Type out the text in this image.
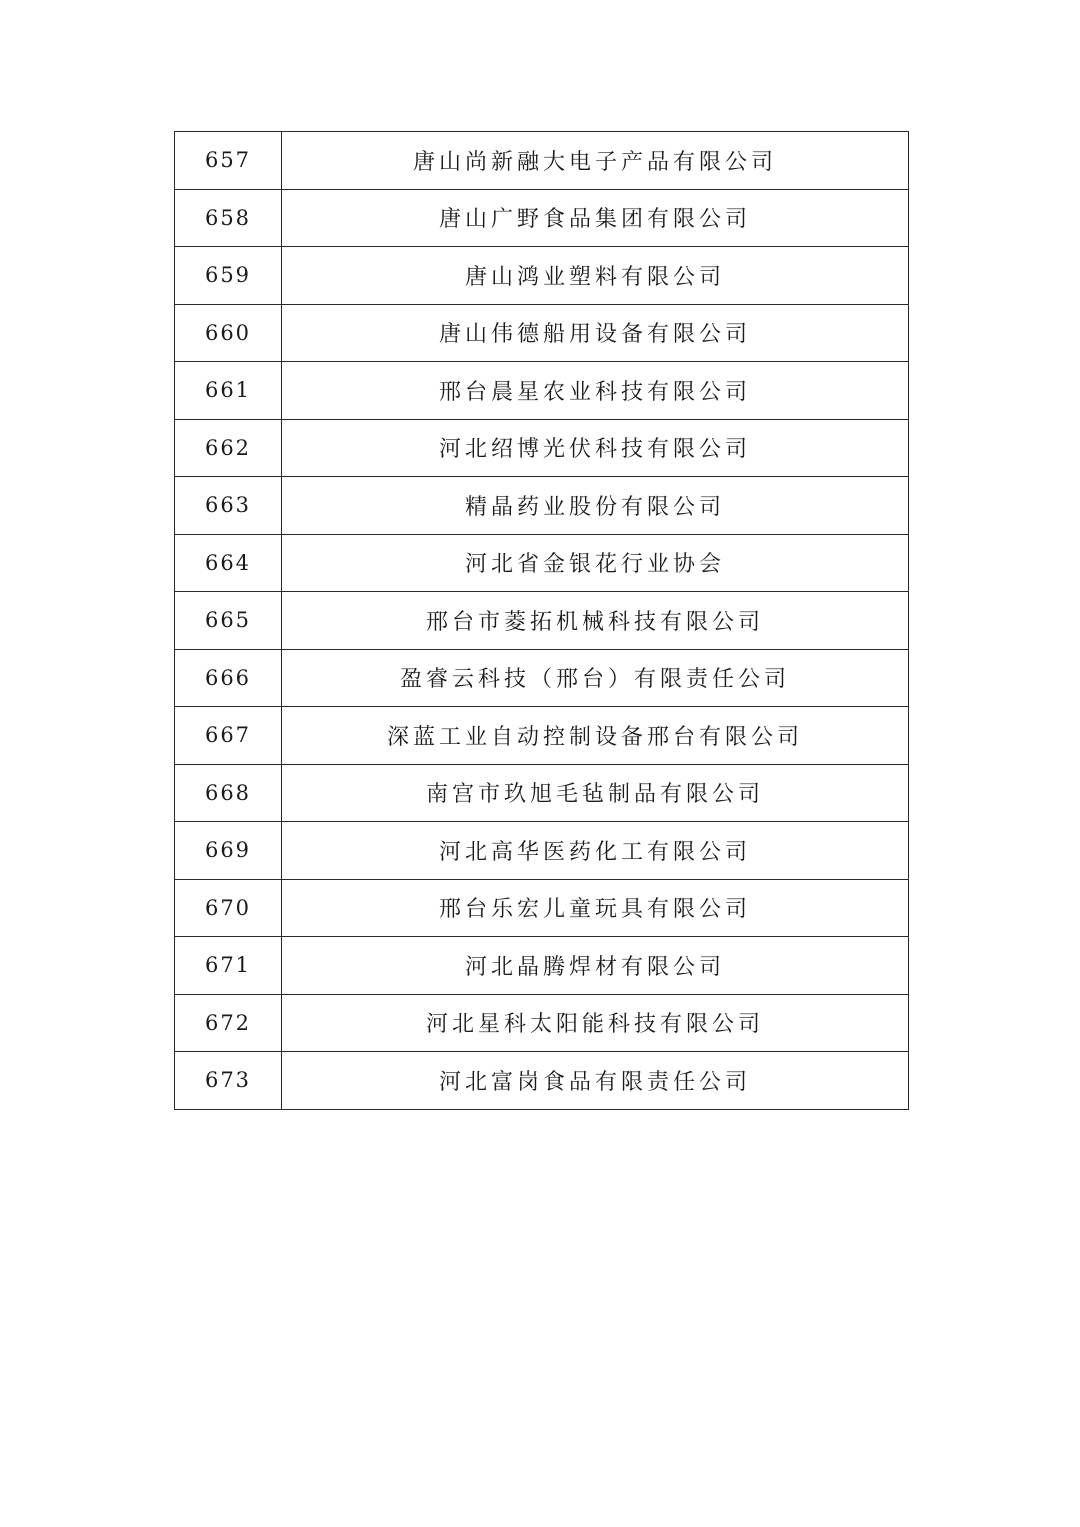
657	唐山尚新融大电子产品有限公司
658	唐山广野食品集团有限公司
659	唐山鸿业塑料有限公司
660	唐山伟德船用设备有限公司
661	邢台晨星农业科技有限公司
662	河北绍博光伏科技有限公司
663	精晶药业股份有限公司
664	河北省金银花行业协会
665	邢台市菱拓机械科技有限公司
666	盈睿云科技（邢台）有限责任公司
667	深蓝工业自动控制设备邢台有限公司
668	南宫市玖旭毛毡制品有限公司
669	河北高华医药化工有限公司
670	邢台乐宏儿童玩具有限公司
671	河北晶腾焊材有限公司
672	河北星科太阳能科技有限公司
673	河北富岗食品有限责任公司
